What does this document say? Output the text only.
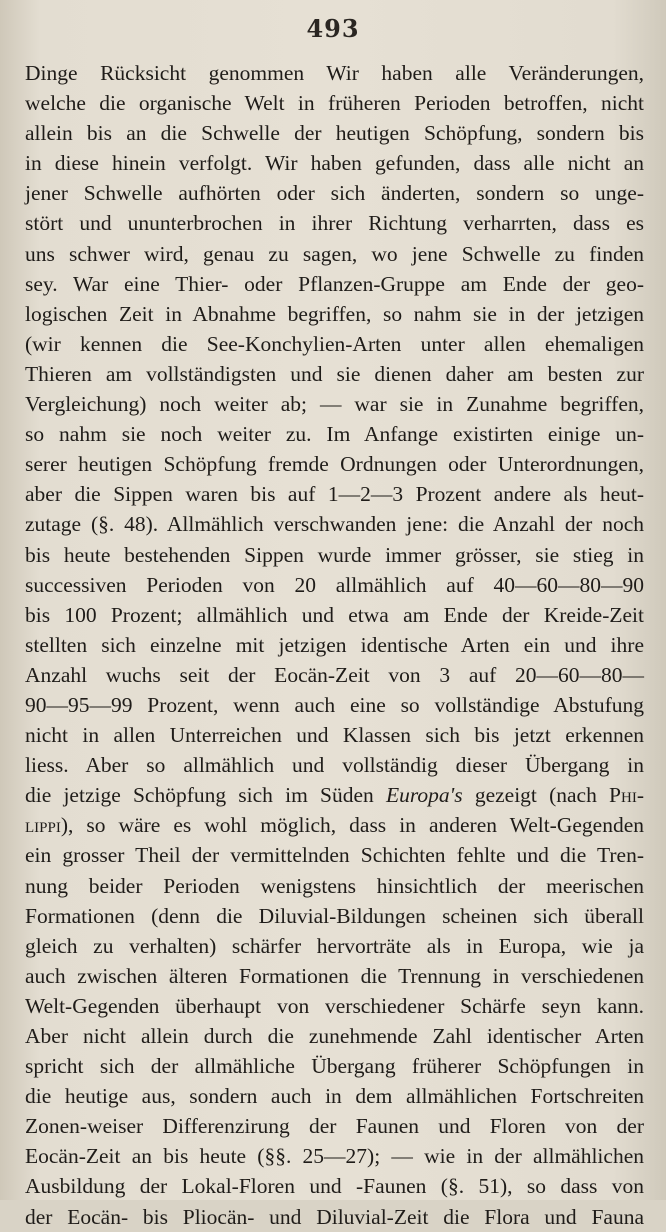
493
Dinge Rücksicht genommen Wir haben alle Veränderungen,
welche die organische Welt in früheren Perioden betroffen, nicht
allein bis an die Schwelle der heutigen Schöpfung, sondern bis
in diese hinein verfolgt. Wir haben gefunden, dass alle nicht an
jener Schwelle aufhörten oder sich änderten, sondern so unge-
stört und ununterbrochen in ihrer Richtung verharrten, dass es
uns schwer wird, genau zu sagen, wo jene Schwelle zu finden
sey. War eine Thier- oder Pflanzen-Gruppe am Ende der geo-
logischen Zeit in Abnahme begriffen, so nahm sie in der jetzigen
(wir kennen die See-Konchylien-Arten unter allen ehemaligen
Thieren am vollständigsten und sie dienen daher am besten zur
Vergleichung) noch weiter ab; — war sie in Zunahme begriffen,
so nahm sie noch weiter zu. Im Anfange existirten einige un-
serer heutigen Schöpfung fremde Ordnungen oder Unterordnungen,
aber die Sippen waren bis auf 1—2—3 Prozent andere als heut-
zutage (§. 48). Allmählich verschwanden jene: die Anzahl der noch
bis heute bestehenden Sippen wurde immer grösser, sie stieg in
successiven Perioden von 20 allmählich auf 40—60—80—90
bis 100 Prozent; allmählich und etwa am Ende der Kreide-Zeit
stellten sich einzelne mit jetzigen identische Arten ein und ihre
Anzahl wuchs seit der Eocän-Zeit von 3 auf 20—60—80—
90—95—99 Prozent, wenn auch eine so vollständige Abstufung
nicht in allen Unterreichen und Klassen sich bis jetzt erkennen
liess. Aber so allmählich und vollständig dieser Übergang in
die jetzige Schöpfung sich im Süden Europa's gezeigt (nach Phi-
lippi), so wäre es wohl möglich, dass in anderen Welt-Gegenden
ein grosser Theil der vermittelnden Schichten fehlte und die Tren-
nung beider Perioden wenigstens hinsichtlich der meerischen
Formationen (denn die Diluvial-Bildungen scheinen sich überall
gleich zu verhalten) schärfer hervorträte als in Europa, wie ja
auch zwischen älteren Formationen die Trennung in verschiedenen
Welt-Gegenden überhaupt von verschiedener Schärfe seyn kann.
Aber nicht allein durch die zunehmende Zahl identischer Arten
spricht sich der allmähliche Übergang früherer Schöpfungen in
die heutige aus, sondern auch in dem allmählichen Fortschreiten
Zonen-weiser Differenzirung der Faunen und Floren von der
Eocän-Zeit an bis heute (§§. 25—27); — wie in der allmählichen
Ausbildung der Lokal-Floren und -Faunen (§. 51), so dass von
der Eocän- bis Pliocän- und Diluvial-Zeit die Flora und Fauna
